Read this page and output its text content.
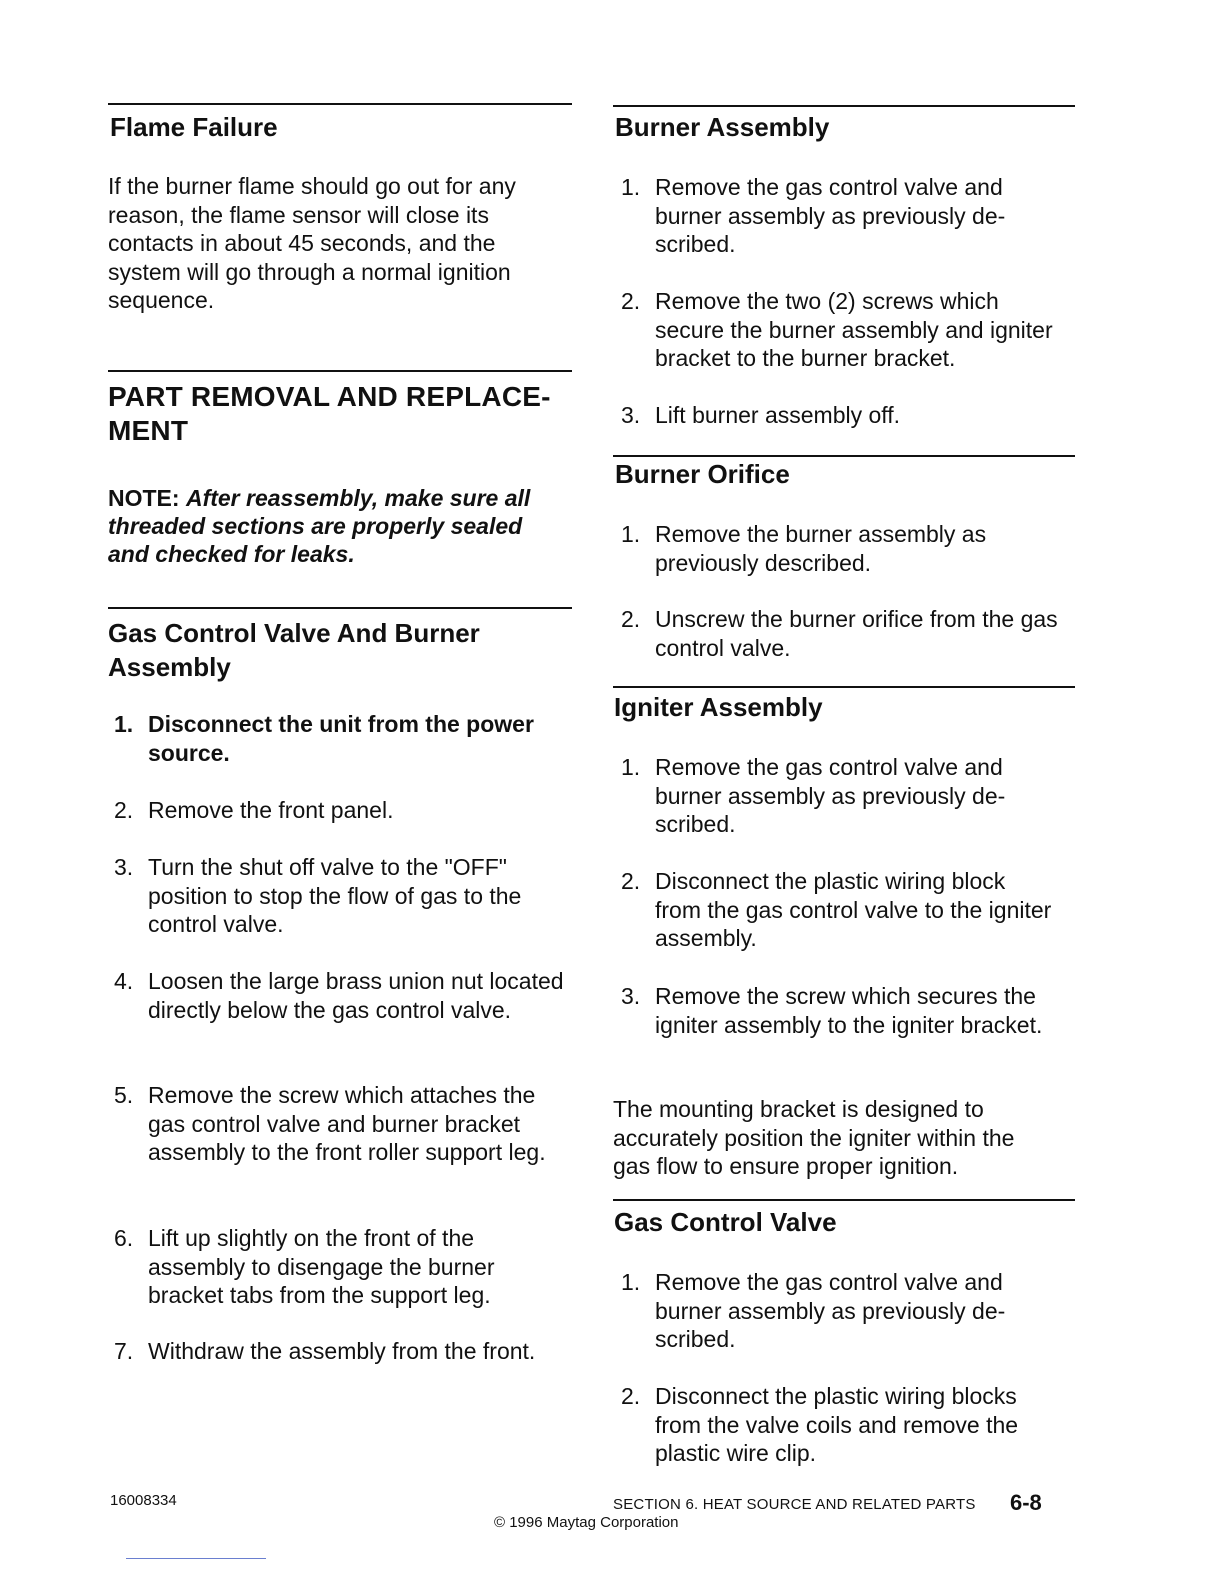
Flame Failure

If the burner flame should go out for any reason, the flame sensor will close its contacts in about 45 seconds, and the system will go through a normal ignition sequence.

PART REMOVAL AND REPLACE-
MENT

NOTE: After reassembly, make sure all threaded sections are properly sealed and checked for leaks.

Gas Control Valve And Burner
Assembly
1. Disconnect the unit from the power source.
2. Remove the front panel.
3. Turn the shut off valve to the "OFF" position to stop the flow of gas to the control valve.
4. Loosen the large brass union nut located directly below the gas control valve.
5. Remove the screw which attaches the gas control valve and burner bracket assembly to the front roller support leg.
6. Lift up slightly on the front of the assembly to disengage the burner bracket tabs from the support leg.
7. Withdraw the assembly from the front.
Burner Assembly
1. Remove the gas control valve and burner assembly as previously de-scribed.
2. Remove the two (2) screws which secure the burner assembly and igniter bracket to the burner bracket.
3. Lift burner assembly off.
Burner Orifice
1. Remove the burner assembly as previously described.
2. Unscrew the burner orifice from the gas control valve.
Igniter Assembly
1. Remove the gas control valve and burner assembly as previously de-scribed.
2. Disconnect the plastic wiring block from the gas control valve to the igniter assembly.
3. Remove the screw which secures the igniter assembly to the igniter bracket.

The mounting bracket is designed to accurately position the igniter within the gas flow to ensure proper ignition.

Gas Control Valve
1. Remove the gas control valve and burner assembly as previously de-scribed.
2. Disconnect the plastic wiring blocks from the valve coils and remove the plastic wire clip.
16008334	SECTION 6. HEAT SOURCE AND RELATED PARTS 6-8
© 1996 Maytag Corporation
